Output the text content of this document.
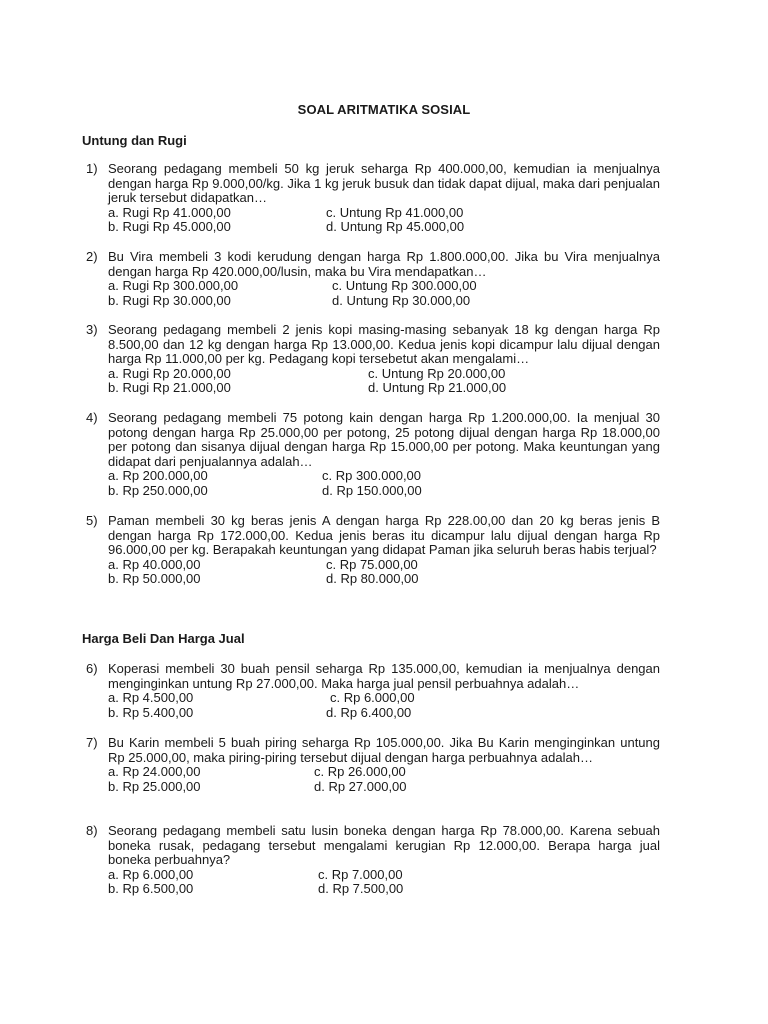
SOAL ARITMATIKA SOSIAL
Untung dan Rugi
1) Seorang pedagang membeli 50 kg jeruk seharga Rp 400.000,00, kemudian ia menjualnya dengan harga Rp 9.000,00/kg. Jika 1 kg jeruk busuk dan tidak dapat dijual, maka dari penjualan jeruk tersebut didapatkan…
a. Rugi Rp 41.000,00
b. Rugi Rp 45.000,00
c. Untung Rp 41.000,00
d. Untung Rp 45.000,00
2) Bu Vira membeli 3 kodi kerudung dengan harga Rp 1.800.000,00. Jika bu Vira menjualnya dengan harga Rp 420.000,00/lusin, maka bu Vira mendapatkan…
a. Rugi Rp 300.000,00
b. Rugi Rp 30.000,00
c. Untung Rp 300.000,00
d. Untung Rp 30.000,00
3) Seorang pedagang membeli 2 jenis kopi masing-masing sebanyak 18 kg dengan harga Rp 8.500,00 dan 12 kg dengan harga Rp 13.000,00. Kedua jenis kopi dicampur lalu dijual dengan harga Rp 11.000,00 per kg. Pedagang kopi tersebetut akan mengalami…
a. Rugi Rp 20.000,00
b. Rugi Rp 21.000,00
c. Untung Rp 20.000,00
d. Untung Rp 21.000,00
4) Seorang pedagang membeli 75 potong kain dengan harga Rp 1.200.000,00. Ia menjual 30 potong dengan harga Rp 25.000,00 per potong, 25 potong dijual dengan harga Rp 18.000,00 per potong dan sisanya dijual dengan harga Rp 15.000,00 per potong. Maka keuntungan yang didapat dari penjualannya adalah…
a. Rp 200.000,00
b. Rp 250.000,00
c. Rp 300.000,00
d. Rp 150.000,00
5) Paman membeli 30 kg beras jenis A dengan harga Rp 228.00,00 dan 20 kg beras jenis B dengan harga Rp 172.000,00. Kedua jenis beras itu dicampur lalu dijual dengan harga Rp 96.000,00 per kg. Berapakah keuntungan yang didapat Paman jika seluruh beras habis terjual?
a. Rp 40.000,00
b. Rp 50.000,00
c. Rp 75.000,00
d. Rp 80.000,00
Harga Beli Dan Harga Jual
6) Koperasi membeli 30 buah pensil seharga Rp 135.000,00, kemudian ia menjualnya dengan menginginkan untung Rp 27.000,00. Maka harga jual pensil perbuahnya adalah…
a. Rp 4.500,00
b. Rp 5.400,00
c. Rp 6.000,00
d. Rp 6.400,00
7) Bu Karin membeli 5 buah piring seharga Rp 105.000,00. Jika Bu Karin menginginkan untung Rp 25.000,00, maka piring-piring tersebut dijual dengan harga perbuahnya adalah…
a. Rp 24.000,00
b. Rp 25.000,00
c. Rp 26.000,00
d. Rp 27.000,00
8) Seorang pedagang membeli satu lusin boneka dengan harga Rp 78.000,00. Karena sebuah boneka rusak, pedagang tersebut mengalami kerugian Rp 12.000,00. Berapa harga jual boneka perbuahnya?
a. Rp 6.000,00
b. Rp 6.500,00
c. Rp 7.000,00
d. Rp 7.500,00
